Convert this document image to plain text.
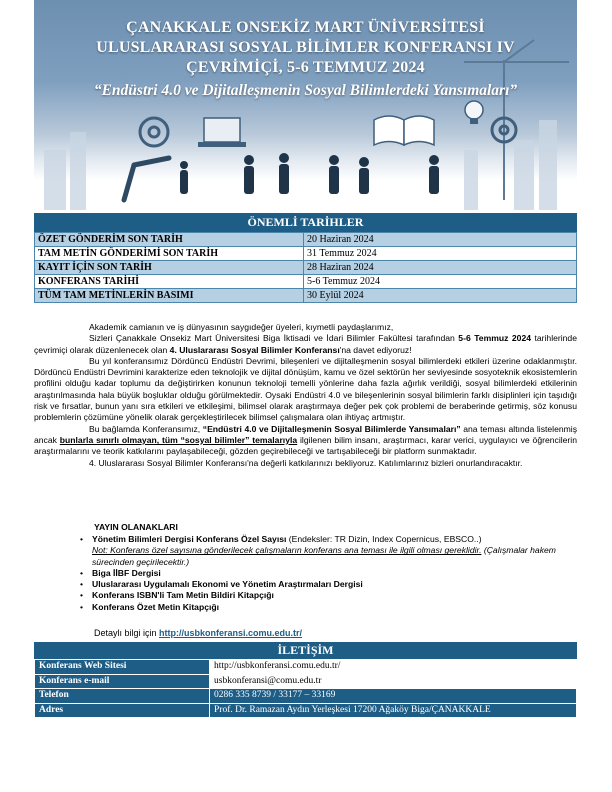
ÇANAKKALE ONSEKİZ MART ÜNİVERSİTESİ
ULUSLARARASI SOSYAL BİLİMLER KONFERANSI IV
ÇEVRİMİÇİ, 5-6 TEMMUZ 2024
“Endüstri 4.0 ve Dijitalleşmenin Sosyal Bilimlerdeki Yansımaları”
ÖNEMLİ TARİHLER
ÖZET GÖNDERİM SON TARİH	20 Haziran 2024
TAM METİN GÖNDERİMİ SON TARİH	31 Temmuz 2024
KAYIT İÇİN SON TARİH	28 Haziran 2024
KONFERANS TARİHİ	5-6 Temmuz 2024
TÜM TAM METİNLERİN BASIMI	30 Eylül 2024

Akademik camianın ve iş dünyasının saygıdeğer üyeleri, kıymetli paydaşlarımız,

Sizleri Çanakkale Onsekiz Mart Üniversitesi Biga İktisadi ve İdari Bilimler Fakültesi tarafından 5-6 Temmuz 2024 tarihlerinde çevrimiçi olarak düzenlenecek olan 4. Uluslararası Sosyal Bilimler Konferansı'na davet ediyoruz!

Bu yıl konferansımız Dördüncü Endüstri Devrimi, bileşenleri ve dijitalleşmenin sosyal bilimlerdeki etkileri üzerine odaklanmıştır. Dördüncü Endüstri Devrimini karakterize eden teknolojik ve dijital dönüşüm, kamu ve özel sektörün her seviyesinde sosyoteknik ekosistemlerin profilini olduğu kadar toplumu da değiştirirken konunun teknoloji temelli yönlerine daha fazla ağırlık verildiği, sosyal bilimlerdeki etkilerinin araştırılmasında hala büyük boşluklar olduğu görülmektedir. Oysaki Endüstri 4.0 ve bileşenlerinin sosyal bilimlerin farklı disiplinleri için taşıdığı risk ve fırsatlar, bunun yanı sıra etkileri ve etkileşimi, bilimsel olarak araştırmaya değer pek çok problemi de beraberinde getirmiş, söz konusu problemlerin çözümüne yönelik olarak gerçekleştirilecek bilimsel çalışmalara olan ihtiyaç artmıştır.

Bu bağlamda Konferansımız, “Endüstri 4.0 ve Dijitalleşmenin Sosyal Bilimlerde Yansımaları” ana teması altında listelenmiş ancak bunlarla sınırlı olmayan, tüm “sosyal bilimler” temalarıyla ilgilenen bilim insanı, araştırmacı, karar verici, uygulayıcı ve öğrencilerin araştırmalarını ve teorik katkılarını paylaşabileceği, gözden geçirebileceği ve tartışabileceği bir platform sunmaktadır.

4. Uluslararası Sosyal Bilimler Konferansı'na değerli katkılarınızı bekliyoruz. Katılımlarınız bizleri onurlandıracaktır.

YAYIN OLANAKLARI
• Yönetim Bilimleri Dergisi Konferans Özel Sayısı (Endeksler: TR Dizin, Index Copernicus, EBSCO..)
Not: Konferans özel sayısına gönderilecek çalışmaların konferans ana teması ile ilgili olması gereklidir. (Çalışmalar hakem sürecinden geçirilecektir.)
• Biga İİBF Dergisi
• Uluslararası Uygulamalı Ekonomi ve Yönetim Araştırmaları Dergisi
• Konferans ISBN'li Tam Metin Bildiri Kitapçığı
• Konferans Özet Metin Kitapçığı
Detaylı bilgi için http://usbkonferansi.comu.edu.tr/
İLETİŞİM
Konferans Web Sitesi	http://usbkonferansi.comu.edu.tr/
Konferans e-mail	usbkonferansi@comu.edu.tr
Telefon	0286 335 8739 / 33177 – 33169
Adres	Prof. Dr. Ramazan Aydın Yerleşkesi 17200 Ağaköy Biga/ÇANAKKALE
